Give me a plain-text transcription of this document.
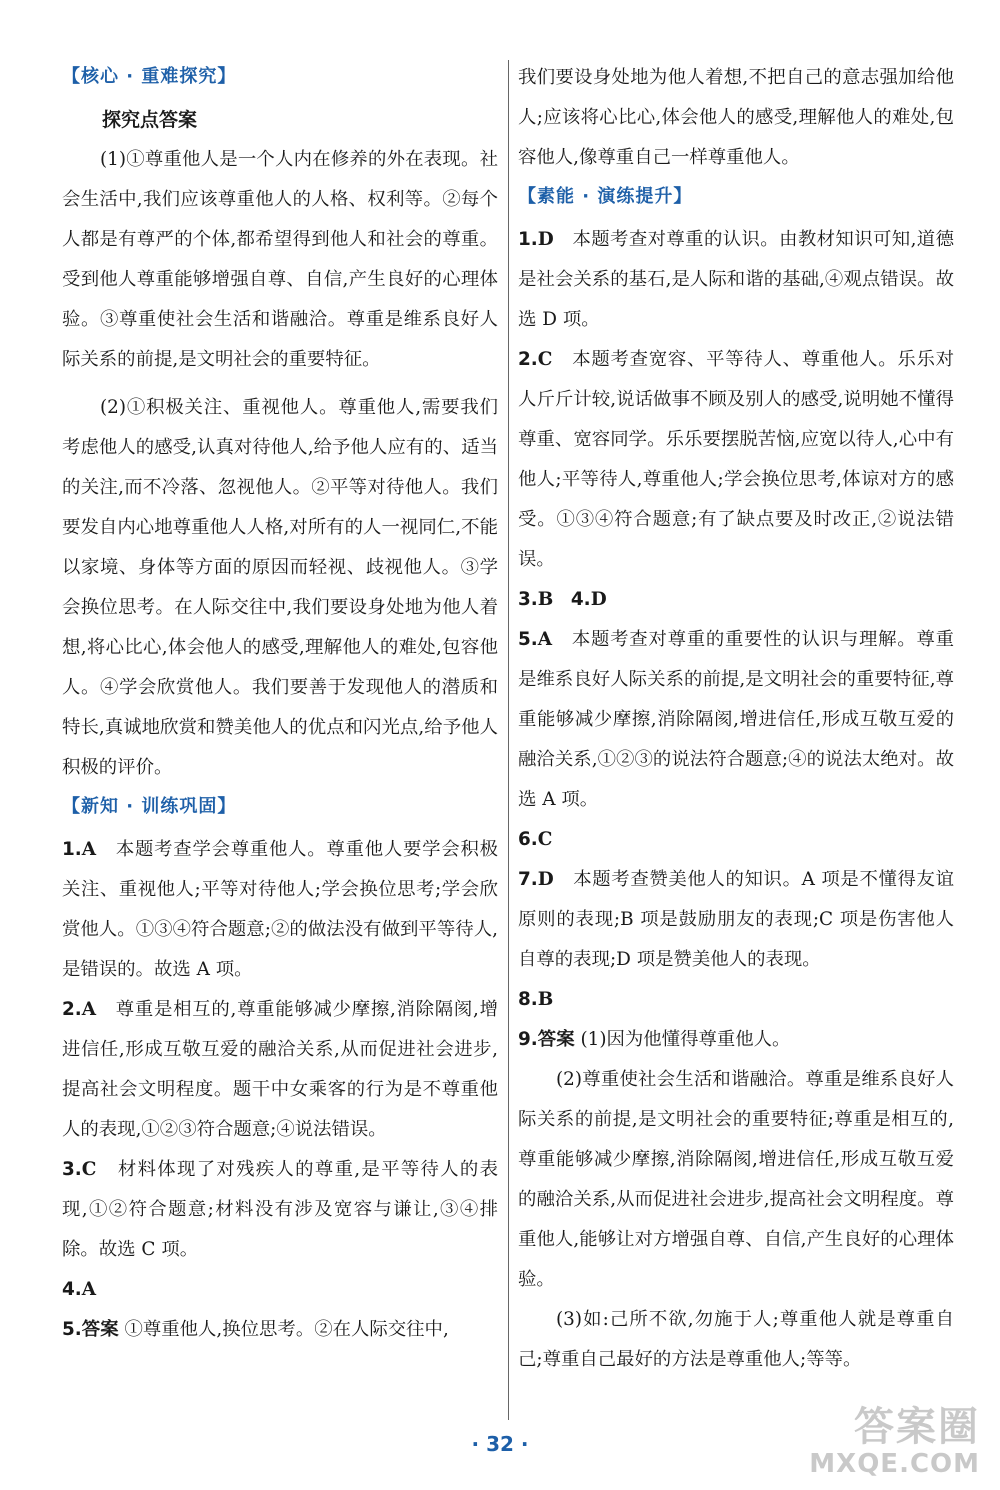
【核心 · 重难探究】
探究点答案

(1)①尊重他人是一个人内在修养的外在表现。社会生活中,我们应该尊重他人的人格、权利等。②每个人都是有尊严的个体,都希望得到他人和社会的尊重。受到他人尊重能够增强自尊、自信,产生良好的心理体验。③尊重使社会生活和谐融洽。尊重是维系良好人际关系的前提,是文明社会的重要特征。

(2)①积极关注、重视他人。尊重他人,需要我们考虑他人的感受,认真对待他人,给予他人应有的、适当的关注,而不冷落、忽视他人。②平等对待他人。我们要发自内心地尊重他人人格,对所有的人一视同仁,不能以家境、身体等方面的原因而轻视、歧视他人。③学会换位思考。在人际交往中,我们要设身处地为他人着想,将心比心,体会他人的感受,理解他人的难处,包容他人。④学会欣赏他人。我们要善于发现他人的潜质和特长,真诚地欣赏和赞美他人的优点和闪光点,给予他人积极的评价。

【新知 · 训练巩固】

1.A 本题考查学会尊重他人。尊重他人要学会积极关注、重视他人;平等对待他人;学会换位思考;学会欣赏他人。①③④符合题意;②的做法没有做到平等待人,是错误的。故选 A 项。

2.A 尊重是相互的,尊重能够减少摩擦,消除隔阂,增进信任,形成互敬互爱的融洽关系,从而促进社会进步,提高社会文明程度。题干中女乘客的行为是不尊重他人的表现,①②③符合题意;④说法错误。

3.C 材料体现了对残疾人的尊重,是平等待人的表现,①②符合题意;材料没有涉及宽容与谦让,③④排除。故选 C 项。

4.A

5.答案 ①尊重他人,换位思考。②在人际交往中,

我们要设身处地为他人着想,不把自己的意志强加给他人;应该将心比心,体会他人的感受,理解他人的难处,包容他人,像尊重自己一样尊重他人。

【素能 · 演练提升】

1.D 本题考查对尊重的认识。由教材知识可知,道德是社会关系的基石,是人际和谐的基础,④观点错误。故选 D 项。

2.C 本题考查宽容、平等待人、尊重他人。乐乐对人斤斤计较,说话做事不顾及别人的感受,说明她不懂得尊重、宽容同学。乐乐要摆脱苦恼,应宽以待人,心中有他人;平等待人,尊重他人;学会换位思考,体谅对方的感受。①③④符合题意;有了缺点要及时改正,②说法错误。

3.B 4.D

5.A 本题考查对尊重的重要性的认识与理解。尊重是维系良好人际关系的前提,是文明社会的重要特征,尊重能够减少摩擦,消除隔阂,增进信任,形成互敬互爱的融洽关系,①②③的说法符合题意;④的说法太绝对。故选 A 项。

6.C

7.D 本题考查赞美他人的知识。A 项是不懂得友谊原则的表现;B 项是鼓励朋友的表现;C 项是伤害他人自尊的表现;D 项是赞美他人的表现。

8.B

9.答案 (1)因为他懂得尊重他人。

(2)尊重使社会生活和谐融洽。尊重是维系良好人际关系的前提,是文明社会的重要特征;尊重是相互的,尊重能够减少摩擦,消除隔阂,增进信任,形成互敬互爱的融洽关系,从而促进社会进步,提高社会文明程度。尊重他人,能够让对方增强自尊、自信,产生良好的心理体验。

(3)如:己所不欲,勿施于人;尊重他人就是尊重自己;尊重自己最好的方法是尊重他人;等等。

· 32 ·	答案圈
MXQE.COM
